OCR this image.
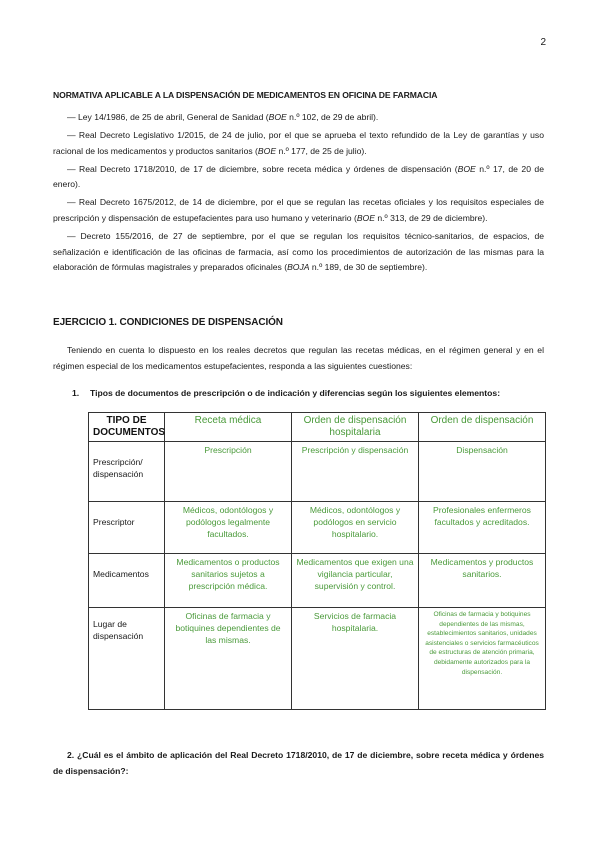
2
NORMATIVA APLICABLE A LA DISPENSACIÓN DE MEDICAMENTOS EN OFICINA DE FARMACIA

— Ley 14/1986, de 25 de abril, General de Sanidad (BOE n.º 102, de 29 de abril).

— Real Decreto Legislativo 1/2015, de 24 de julio, por el que se aprueba el texto refundido de la Ley de garantías y uso racional de los medicamentos y productos sanitarios (BOE n.º 177, de 25 de julio).

— Real Decreto 1718/2010, de 17 de diciembre, sobre receta médica y órdenes de dispensación (BOE n.º 17, de 20 de enero).

— Real Decreto 1675/2012, de 14 de diciembre, por el que se regulan las recetas oficiales y los requisitos especiales de prescripción y dispensación de estupefacientes para uso humano y veterinario (BOE n.º 313, de 29 de diciembre).

— Decreto 155/2016, de 27 de septiembre, por el que se regulan los requisitos técnico-sanitarios, de espacios, de señalización e identificación de las oficinas de farmacia, así como los procedimientos de autorización de las mismas para la elaboración de fórmulas magistrales y preparados oficinales (BOJA n.º 189, de 30 de septiembre).

EJERCICIO 1. CONDICIONES DE DISPENSACIÓN

Teniendo en cuenta lo dispuesto en los reales decretos que regulan las recetas médicas, en el régimen general y en el régimen especial de los medicamentos estupefacientes, responda a las siguientes cuestiones:

1. Tipos de documentos de prescripción o de indicación y diferencias según los siguientes elementos:
TIPO DE DOCUMENTOS	Receta médica	Orden de dispensación hospitalaria	Orden de dispensación
Prescripción/ dispensación	Prescripción	Prescripción y dispensación	Dispensación
Prescriptor	Médicos, odontólogos y podólogos legalmente facultados.	Médicos, odontólogos y podólogos en servicio hospitalario.	Profesionales enfermeros facultados y acreditados.
Medicamentos	Medicamentos o productos sanitarios sujetos a prescripción médica.	Medicamentos que exigen una vigilancia particular, supervisión y control.	Medicamentos y productos sanitarios.
Lugar de dispensación	Oficinas de farmacia y botiquines dependientes de las mismas.	Servicios de farmacia hospitalaria.	Oficinas de farmacia y botiquines dependientes de las mismas, establecimientos sanitarios, unidades asistenciales o servicios farmacéuticos de estructuras de atención primaria, debidamente autorizados para la dispensación.

2. ¿Cuál es el ámbito de aplicación del Real Decreto 1718/2010, de 17 de diciembre, sobre receta médica y órdenes de dispensación?:
